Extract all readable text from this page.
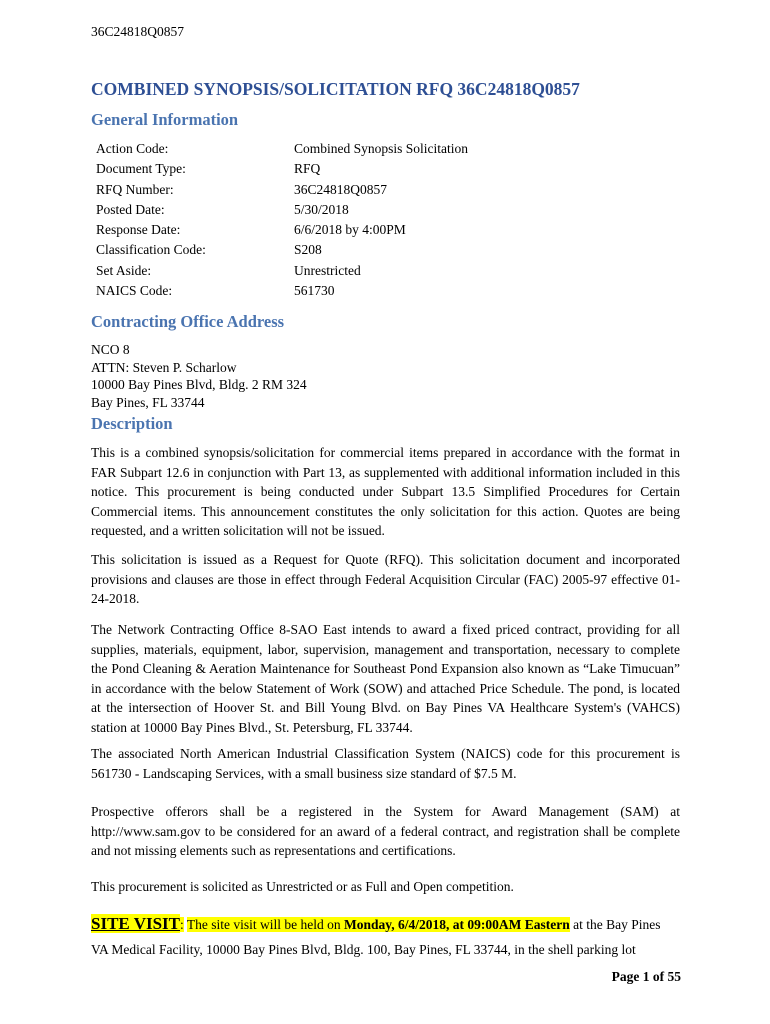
36C24818Q0857
COMBINED SYNOPSIS/SOLICITATION RFQ 36C24818Q0857
General Information
Action Code:	Combined Synopsis Solicitation
Document Type:	RFQ
RFQ Number:	36C24818Q0857
Posted Date:	5/30/2018
Response Date:	6/6/2018 by 4:00PM
Classification Code:	S208
Set Aside:	Unrestricted
NAICS Code:	561730
Contracting Office Address
NCO 8
ATTN: Steven P. Scharlow
10000 Bay Pines Blvd, Bldg. 2 RM 324
Bay Pines, FL 33744
Description

This is a combined synopsis/solicitation for commercial items prepared in accordance with the format in FAR Subpart 12.6 in conjunction with Part 13, as supplemented with additional information included in this notice. This procurement is being conducted under Subpart 13.5 Simplified Procedures for Certain Commercial items. This announcement constitutes the only solicitation for this action. Quotes are being requested, and a written solicitation will not be issued.

This solicitation is issued as a Request for Quote (RFQ). This solicitation document and incorporated provisions and clauses are those in effect through Federal Acquisition Circular (FAC) 2005-97 effective 01-24-2018.

The Network Contracting Office 8-SAO East intends to award a fixed priced contract, providing for all supplies, materials, equipment, labor, supervision, management and transportation, necessary to complete the Pond Cleaning & Aeration Maintenance for Southeast Pond Expansion also known as “Lake Timucuan” in accordance with the below Statement of Work (SOW) and attached Price Schedule. The pond, is located at the intersection of Hoover St. and Bill Young Blvd. on Bay Pines VA Healthcare System's (VAHCS) station at 10000 Bay Pines Blvd., St. Petersburg, FL 33744.

The associated North American Industrial Classification System (NAICS) code for this procurement is 561730 - Landscaping Services, with a small business size standard of $7.5 M.

Prospective offerors shall be a registered in the System for Award Management (SAM) at http://www.sam.gov to be considered for an award of a federal contract, and registration shall be complete and not missing elements such as representations and certifications.

This procurement is solicited as Unrestricted or as Full and Open competition.

SITE VISIT: The site visit will be held on Monday, 6/4/2018, at 09:00AM Eastern at the Bay Pines VA Medical Facility, 10000 Bay Pines Blvd, Bldg. 100, Bay Pines, FL 33744, in the shell parking lot

Page 1 of 55
